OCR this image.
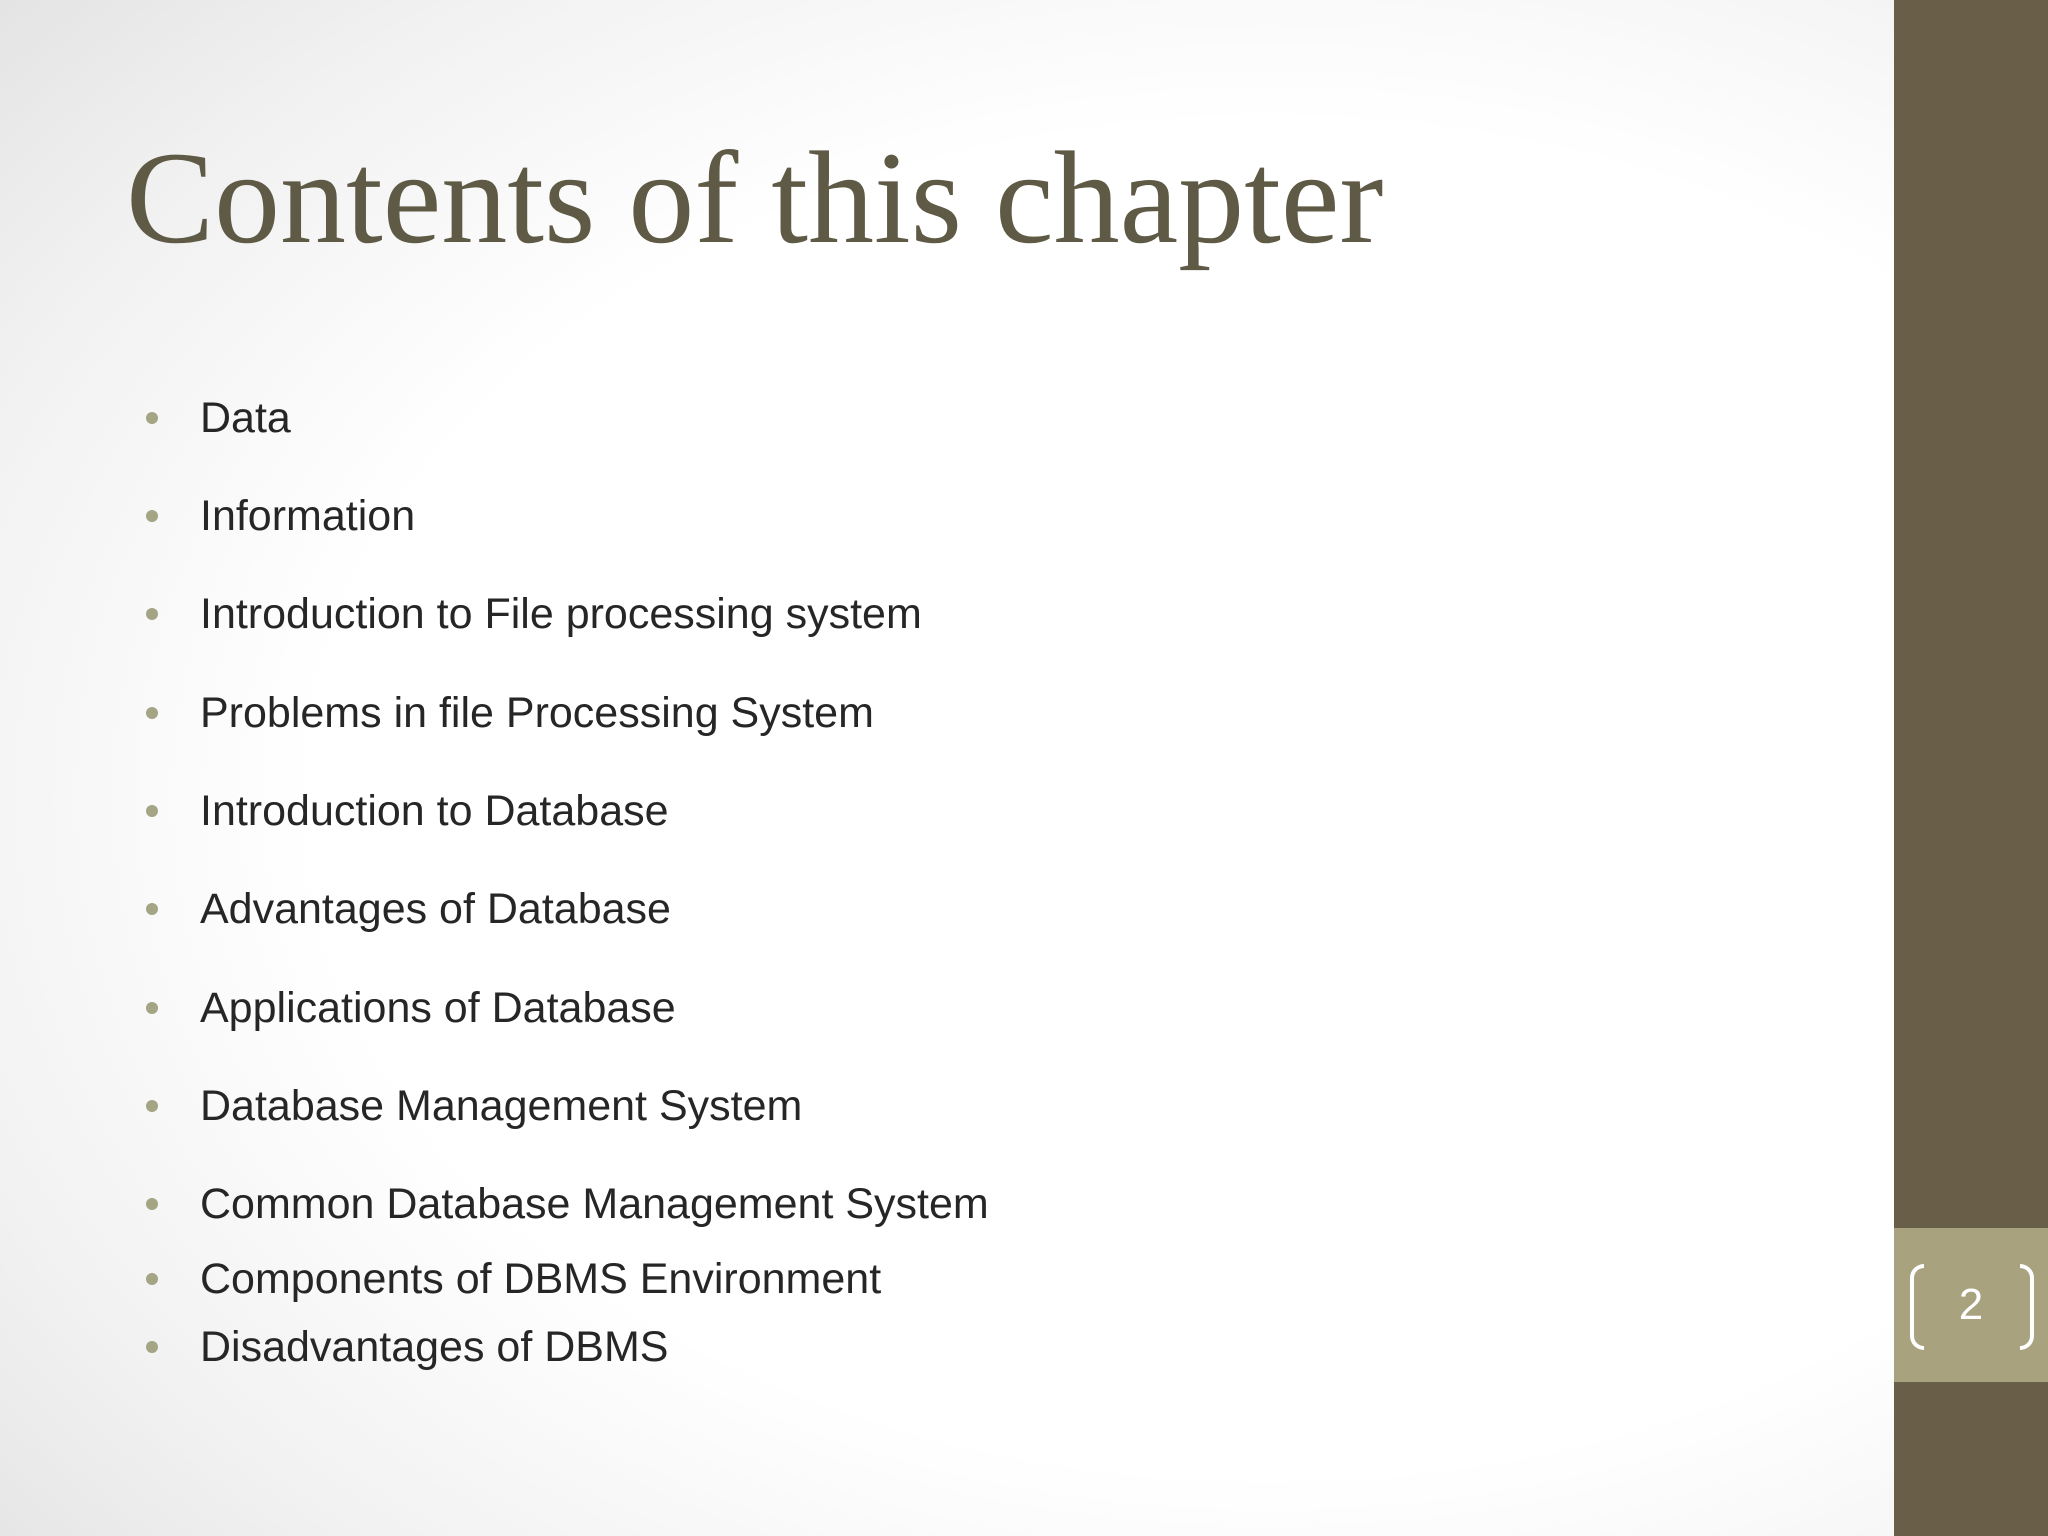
Contents of this chapter
Data
Information
Introduction to File processing system
Problems in file Processing System
Introduction to Database
Advantages of Database
Applications of Database
Database Management System
Common Database Management System
Components of DBMS Environment
Disadvantages of DBMS
2
